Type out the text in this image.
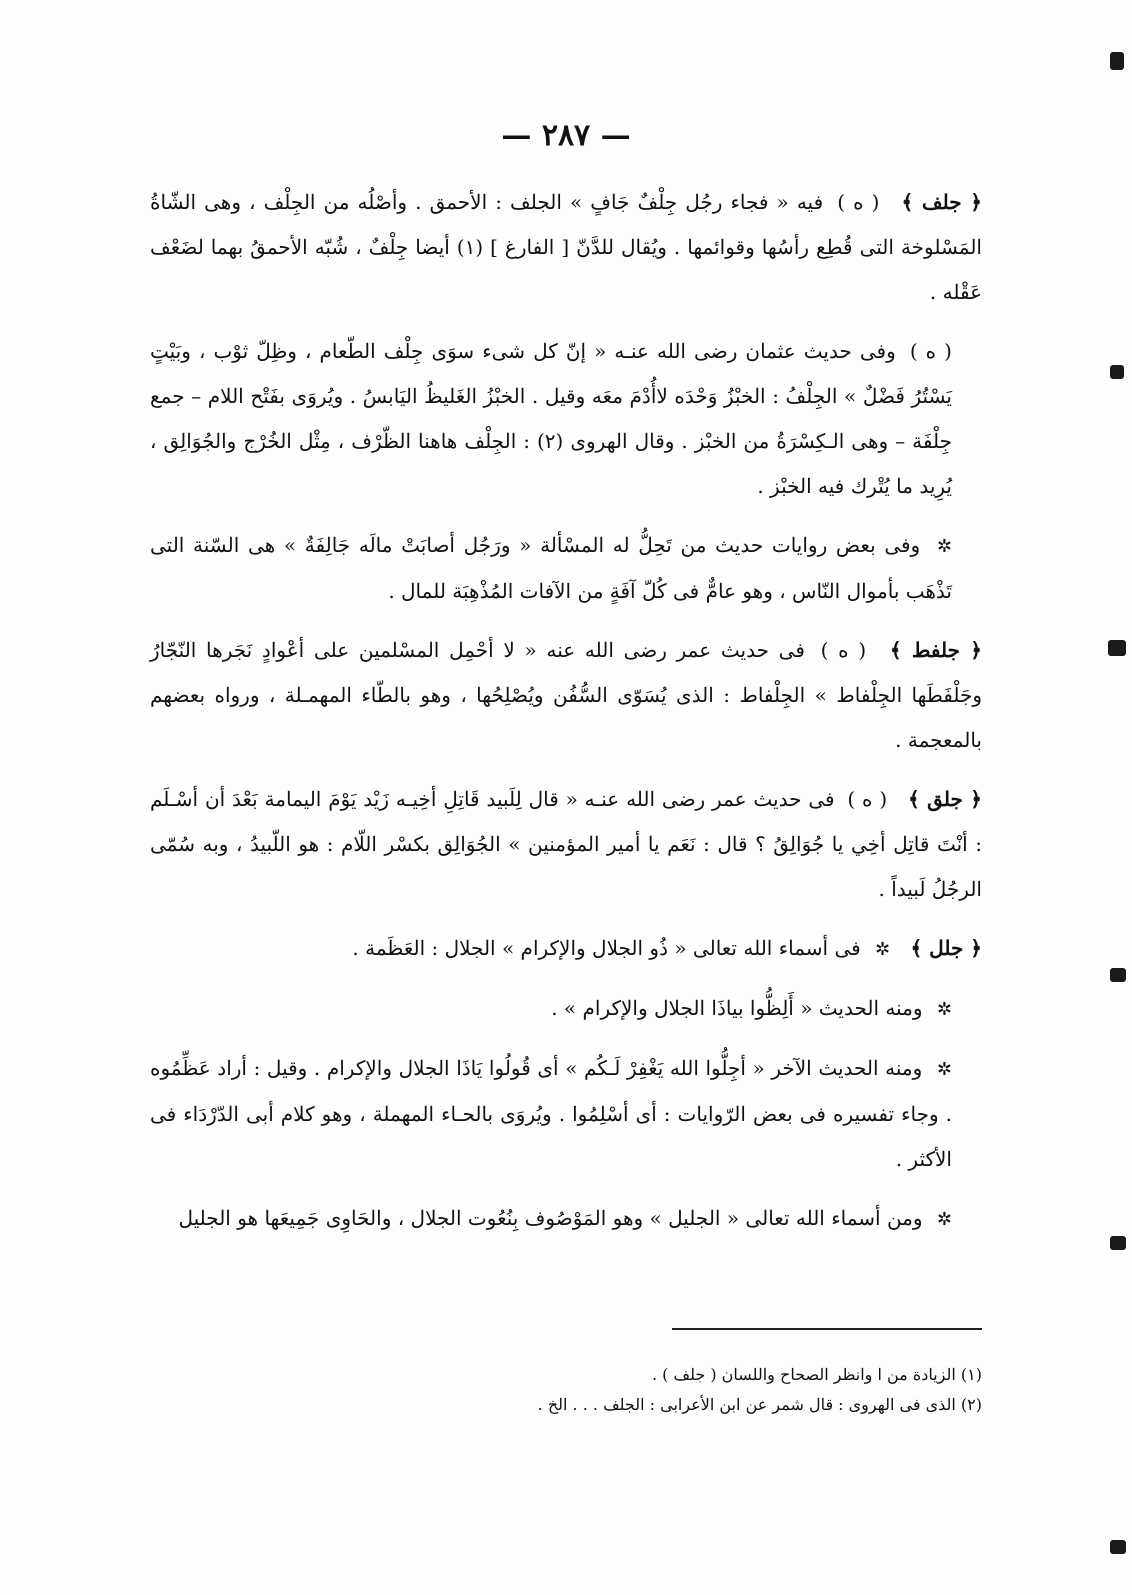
— ٢٨٧ —

﴿ جلف ﴾ ( ه ) فيه « فجاء رجُل جِلْفٌ جَافٍ » الجلف : الأحمق . وأصْلُه من الجِلْف ، وهى الشّاةُ المَسْلوخة التى قُطِع رأسُها وقوائمها . ويُقال للدَّنّ [ الفارغ ] (١) أيضا جِلْفٌ ، شُبّه الأحمقُ بهما لضَعْف عَقْله .

( ه ) وفى حديث عثمان رضى الله عنـه « إنّ كل شىء سوَى جِلْف الطّعام ، وظِلّ ثوْب ، وبَيْتٍ يَسْتُرُ فَضْلٌ » الجِلْفُ : الخبْزُ وَحْدَه لاأُدْمَ معَه وقيل . الخبْزُ الغَليظُ اليَابسُ . ويُروَى بفَتْح اللام – جمع جِلْفَة – وهى الـكِسْرَةُ من الخبْز . وقال الهروى (٢) : الجِلْف هاهنا الظّرْف ، مِثْل الخُرْج والجُوَالِق ، يُرِيد ما يُتْرك فيه الخبْز .

✲ وفى بعض روايات حديث من تَحِلُّ له المسْألة « ورَجُل أصابَتْ مالَه جَالِفَةٌ » هى السّنة التى تَذْهَب بأموال النّاس ، وهو عامٌّ فى كُلّ آفَةٍ من الآفات المُذْهِبَة للمال .

﴿ جلفط ﴾ ( ه ) فى حديث عمر رضى الله عنه « لا أحْمِل المسْلمين على أعْوادٍ نَجَرها النّجّارُ وجَلْفَطَها الجِلْفاط » الجِلْفاط : الذى يُسَوّى السُّفُن ويُصْلِحُها ، وهو بالطّاء المهمـلة ، ورواه بعضهم بالمعجمة .

﴿ جلق ﴾ ( ه ) فى حديث عمر رضى الله عنـه « قال لِلَبيد قَاتِلِ أخِيـه زَيْد يَوْمَ اليمامة بَعْدَ أن أسْـلَم : أنْتَ قاتِل أخِي يا جُوَالِقُ ؟ قال : نَعَم يا أمير المؤمنين » الجُوَالِق بكسْر اللّام : هو اللّبيدُ ، وبه سُمّى الرجُلُ لَبيداً .

﴿ جلل ﴾ ✲ فى أسماء الله تعالى « ذُو الجلال والإكرام » الجلال : العَظَمة .

✲ ومنه الحديث « أَلِظُّوا بياذَا الجلال والإكرام » .

✲ ومنه الحديث الآخر « أجِلُّوا الله يَغْفِرْ لَـكُم » أى قُولُوا يَاذَا الجلال والإكرام . وقيل : أراد عَظِّمُوه . وجاء تفسيره فى بعض الرّوايات : أى أسْلِمُوا . ويُروَى بالحـاء المهملة ، وهو كلام أبى الدّرْدَاء فى الأكثر .

✲ ومن أسماء الله تعالى « الجليل » وهو المَوْصُوف بِنُعُوت الجلال ، والحَاوِى جَمِيعَها هو الجليل

(١) الزيادة من ا وانظر الصحاح واللسان ( جلف ) .

(٢) الذى فى الهروى : قال شمر عن ابن الأعرابى : الجلف . . . الخ .
